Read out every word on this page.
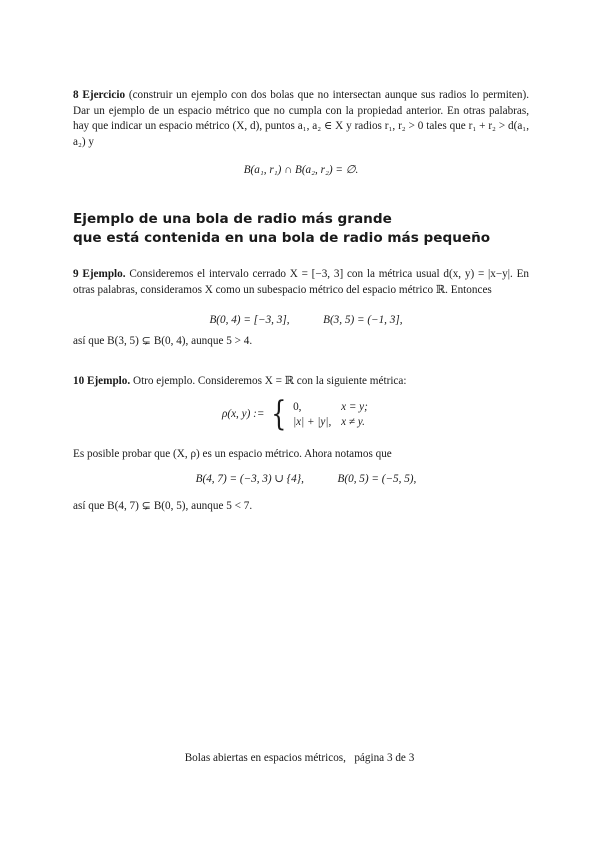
8 Ejercicio (construir un ejemplo con dos bolas que no intersectan aunque sus radios lo permiten). Dar un ejemplo de un espacio métrico que no cumpla con la propiedad anterior. En otras palabras, hay que indicar un espacio métrico (X, d), puntos a₁, a₂ ∈ X y radios r₁, r₂ > 0 tales que r₁ + r₂ > d(a₁, a₂) y

B(a₁, r₁) ∩ B(a₂, r₂) = ∅.

Ejemplo de una bola de radio más grande
que está contenida en una bola de radio más pequeño

9 Ejemplo. Consideremos el intervalo cerrado X = [−3, 3] con la métrica usual d(x, y) = |x−y|. En otras palabras, consideramos X como un subespacio métrico del espacio métrico ℝ. Entonces

B(0, 4) = [−3, 3],	B(3, 5) = (−1, 3],
así que B(3, 5) ⊊ B(0, 4), aunque 5 > 4.
10 Ejemplo. Otro ejemplo. Consideremos X = ℝ con la siguiente métrica:
ρ(x, y) := { 0,	x = y;
|x| + |y|, x ≠ y.
Es posible probar que (X, ρ) es un espacio métrico. Ahora notamos que
B(4, 7) = (−3, 3) ∪ {4},	B(0, 5) = (−5, 5),
así que B(4, 7) ⊊ B(0, 5), aunque 5 < 7.
Bolas abiertas en espacios métricos,   página 3 de 3
